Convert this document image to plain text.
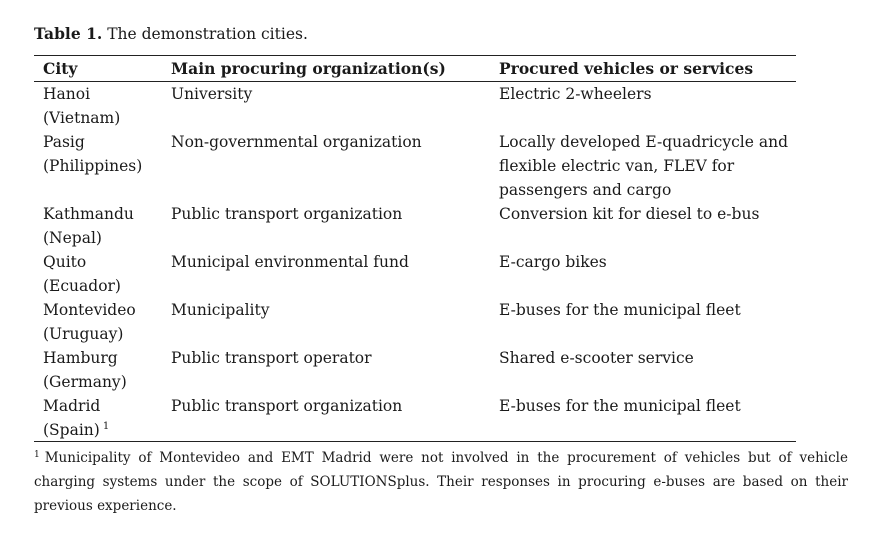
Table 1. The demonstration cities.
City	Main procuring organization(s)	Procured vehicles or services
Hanoi
(Vietnam)
University	Electric 2-wheelers
Pasig
(Philippines)
Non-governmental organization	Locally developed E-quadricycle and
flexible electric van, FLEV for
passengers and cargo
Kathmandu
(Nepal)
Public transport organization	Conversion kit for diesel to e-bus
Quito
(Ecuador)
Municipal environmental fund	E-cargo bikes
Montevideo
(Uruguay)
Municipality	E-buses for the municipal fleet
Hamburg
(Germany)
Public transport operator	Shared e-scooter service
Madrid
(Spain) $^1$
Public transport organization	E-buses for the municipal fleet
$^1$ Municipality of Montevideo and EMT Madrid were not involved in the procurement of vehicles but of vehicle charging systems under the scope of SOLUTIONSplus. Their responses in procuring e-buses are based on their previous experience.
